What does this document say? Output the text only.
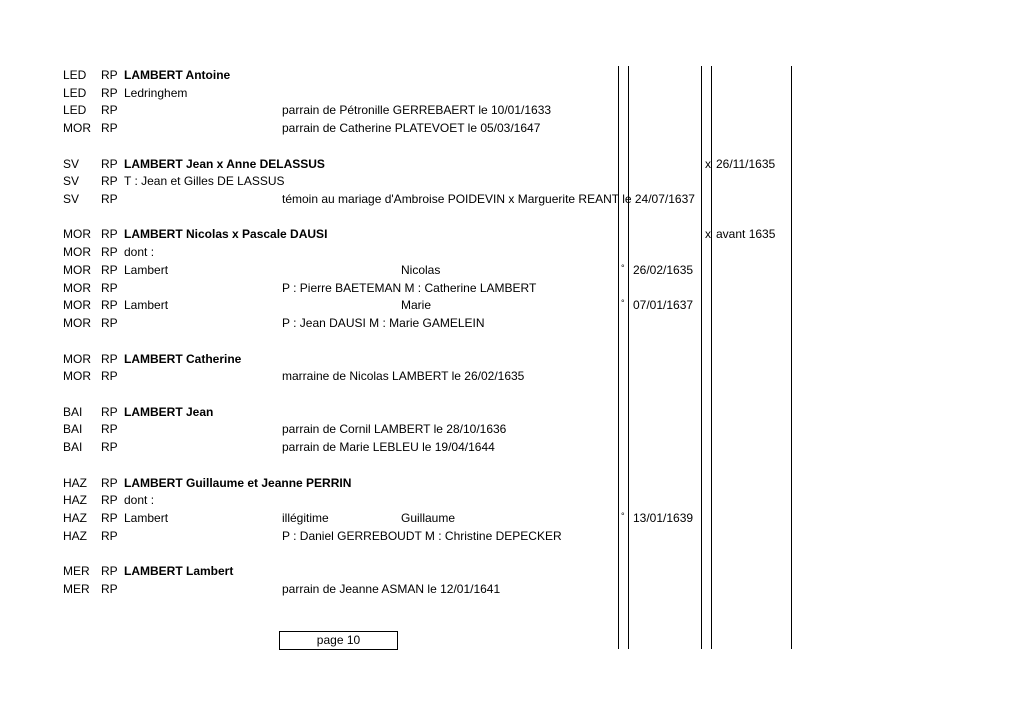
LED RP LAMBERT Antoine
LED RP Ledringhem
LED RP	parrain de Pétronille GERREBAERT le 10/01/1633
MOR RP	parrain de Catherine PLATEVOET le 05/03/1647
SV RP LAMBERT Jean x Anne DELASSUS	x 26/11/1635
SV RP T : Jean et Gilles DE LASSUS
SV RP	témoin au mariage d'Ambroise POIDEVIN x Marguerite REANT le 24/07/1637
MOR RP LAMBERT Nicolas x Pascale DAUSI	x avant 1635
MOR RP dont :
MOR RP Lambert	Nicolas	° 26/02/1635
MOR RP	P : Pierre BAETEMAN M : Catherine LAMBERT
MOR RP Lambert	Marie	° 07/01/1637
MOR RP	P : Jean DAUSI M : Marie GAMELEIN
MOR RP LAMBERT Catherine
MOR RP	marraine de Nicolas LAMBERT le 26/02/1635
BAI RP LAMBERT Jean
BAI RP	parrain de Cornil LAMBERT le 28/10/1636
BAI RP	parrain de Marie LEBLEU le 19/04/1644
HAZ RP LAMBERT Guillaume et Jeanne PERRIN
HAZ RP dont :
HAZ RP Lambert	illégitime	Guillaume	° 13/01/1639
HAZ RP	P : Daniel GERREBOUDT M : Christine DEPECKER
MER RP LAMBERT Lambert
MER RP	parrain de Jeanne ASMAN le 12/01/1641
page 10
